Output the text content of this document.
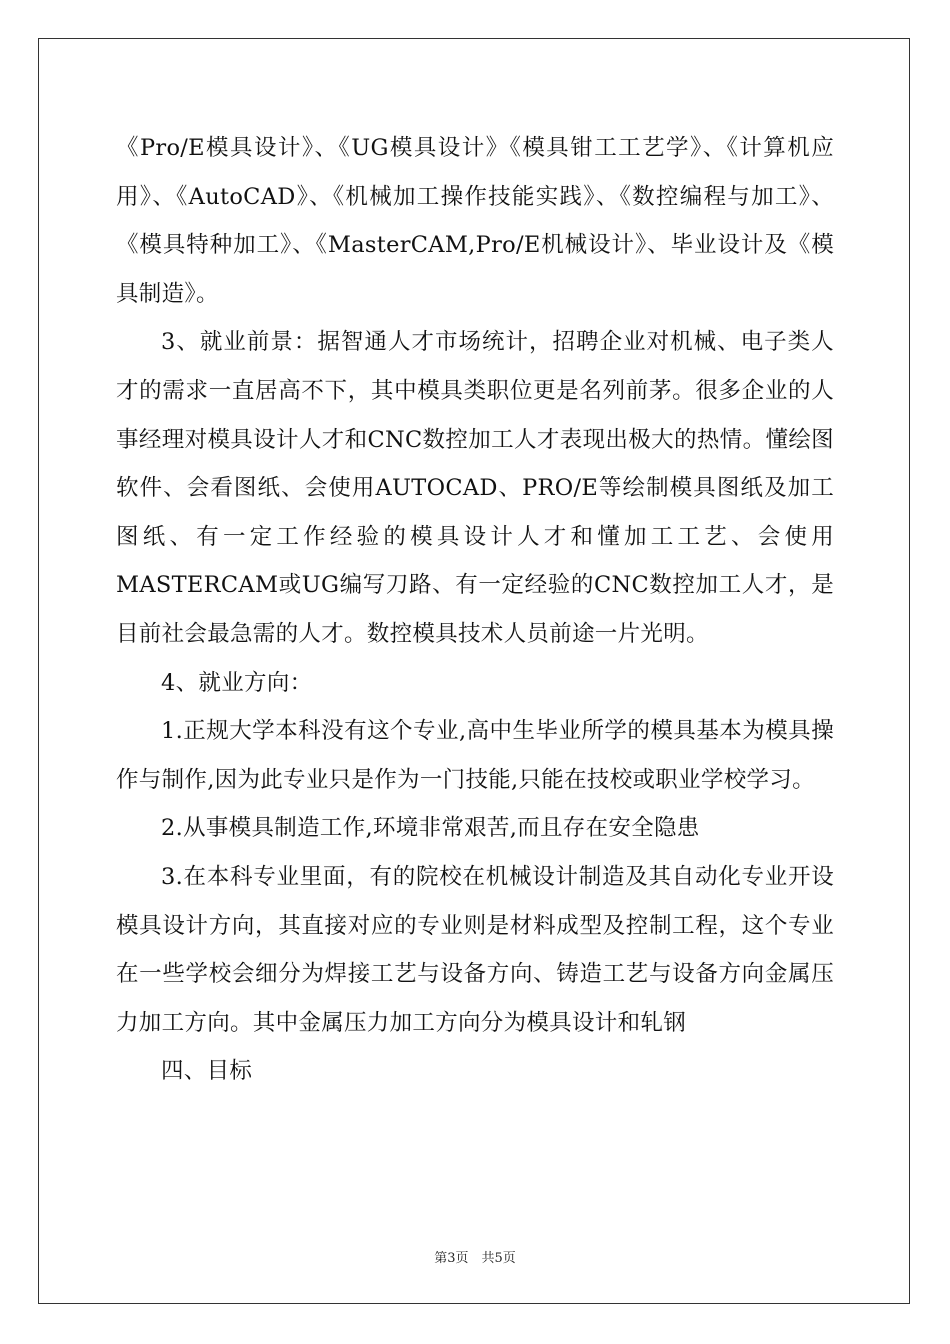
《Pro/E模具设计》、《UG模具设计》《模具钳工工艺学》、《计算机应用》、《AutoCAD》、《机械加工操作技能实践》、《数控编程与加工》、《模具特种加工》、《MasterCAM,Pro/E机械设计》、毕业设计及《模具制造》。

3、就业前景：据智通人才市场统计，招聘企业对机械、电子类人才的需求一直居高不下，其中模具类职位更是名列前茅。很多企业的人事经理对模具设计人才和CNC数控加工人才表现出极大的热情。懂绘图软件、会看图纸、会使用AUTOCAD、PRO/E等绘制模具图纸及加工图纸、有一定工作经验的模具设计人才和懂加工工艺、会使用MASTERCAM或UG编写刀路、有一定经验的CNC数控加工人才，是目前社会最急需的人才。数控模具技术人员前途一片光明。

4、就业方向：

1.正规大学本科没有这个专业,高中生毕业所学的模具基本为模具操作与制作,因为此专业只是作为一门技能,只能在技校或职业学校学习。

2.从事模具制造工作,环境非常艰苦,而且存在安全隐患

3.在本科专业里面，有的院校在机械设计制造及其自动化专业开设模具设计方向，其直接对应的专业则是材料成型及控制工程，这个专业在一些学校会细分为焊接工艺与设备方向、铸造工艺与设备方向金属压力加工方向。其中金属压力加工方向分为模具设计和轧钢

四、目标

第3页　共5页
